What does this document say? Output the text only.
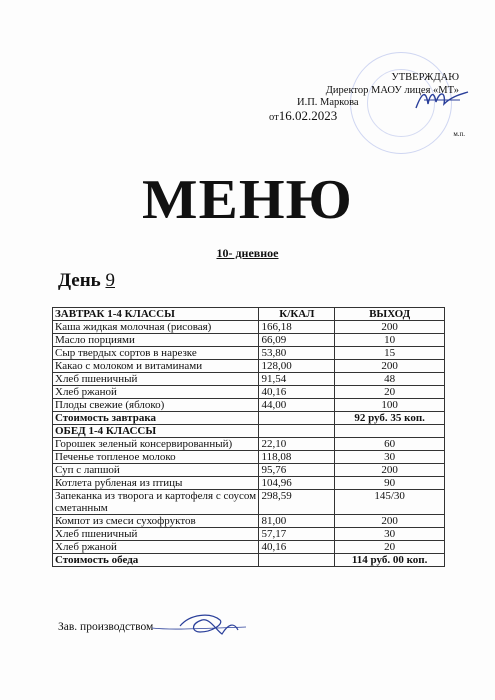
УТВЕРЖДАЮ
Директор МАОУ лицея «МТ»
И.П. Маркова
от16.02.2023
м.п.
МЕНЮ
10- дневное
День 9
ЗАВТРАК 1-4 КЛАССЫ	К/КАЛ	ВЫХОД
Каша жидкая молочная (рисовая)	166,18	200
Масло порциями	66,09	10
Сыр твердых сортов в нарезке	53,80	15
Какао с молоком и витаминами	128,00	200
Хлеб пшеничный	91,54	48
Хлеб ржаной	40,16	20
Плоды свежие (яблоко)	44,00	100
Стоимость завтрака		92 руб. 35 коп.
ОБЕД 1-4 КЛАССЫ		
Горошек зеленый консервированный)	22,10	60
Печенье топленое молоко	118,08	30
Суп с лапшой	95,76	200
Котлета рубленая из птицы	104,96	90
Запеканка из творога и картофеля с соусом сметанным	298,59	145/30
Компот из смеси сухофруктов	81,00	200
Хлеб пшеничный	57,17	30
Хлеб ржаной	40,16	20
Стоимость обеда		114 руб. 00 коп.
Зав. производством
